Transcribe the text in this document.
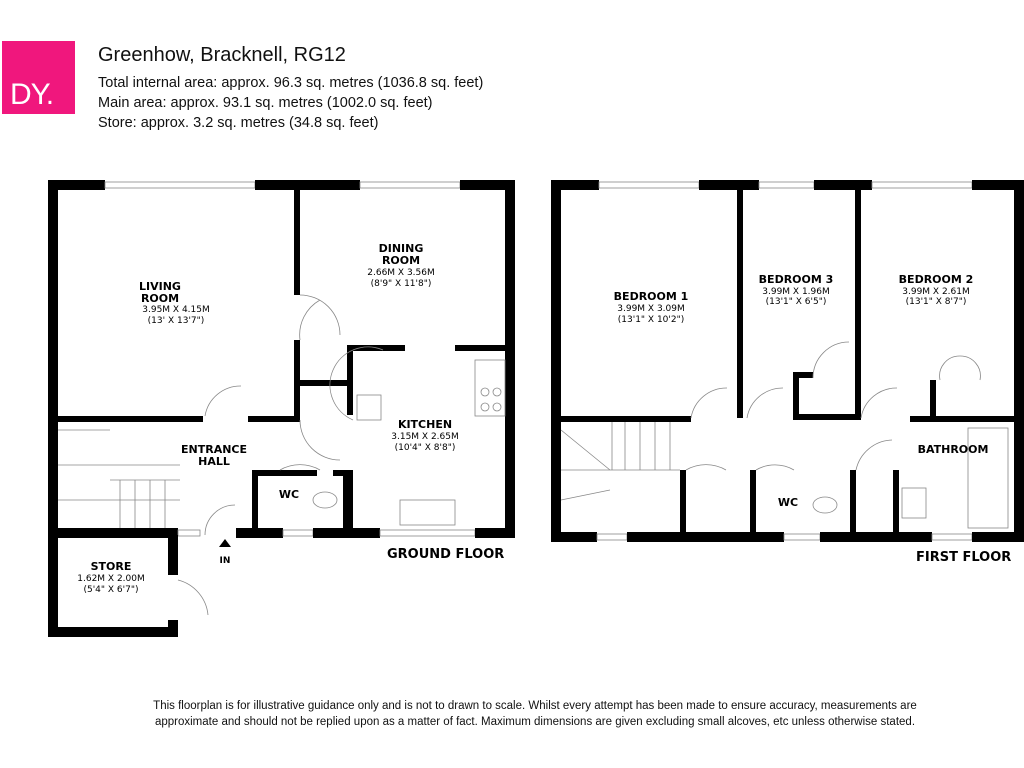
DY.
Greenhow, Bracknell, RG12
Total internal area: approx. 96.3 sq. metres (1036.8 sq. feet)
Main area: approx. 93.1 sq. metres (1002.0 sq. feet)
Store: approx. 3.2 sq. metres (34.8 sq. feet)
LIVING
ROOM
3.95M X 4.15M
(13' X 13'7")
DINING
ROOM
2.66M X 3.56M
(8'9" X 11'8")
KITCHEN
3.15M X 2.65M
(10'4" X 8'8")
ENTRANCE
HALL
WC
STORE
1.62M X 2.00M
(5'4" X 6'7")
IN	GROUND FLOOR
BEDROOM 1
3.99M X 3.09M
(13'1" X 10'2")
BEDROOM 3
3.99M X 1.96M
(13'1" X 6'5")
BEDROOM 2
3.99M X 2.61M
(13'1" X 8'7")
BATHROOM
WC
FIRST FLOOR
This floorplan is for illustrative guidance only and is not to drawn to scale. Whilst every attempt has been made to ensure accuracy, measurements are
approximate and should not be replied upon as a matter of fact. Maximum dimensions are given excluding small alcoves, etc unless otherwise stated.
